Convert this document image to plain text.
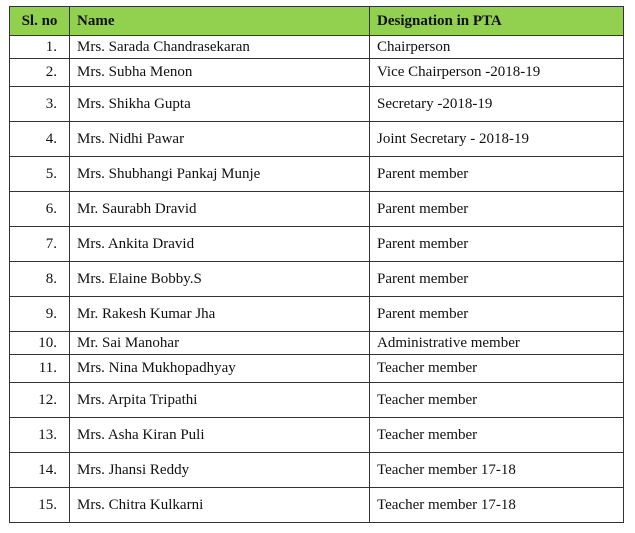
Sl. no	Name	Designation in PTA
1.	Mrs. Sarada Chandrasekaran	Chairperson
2.	Mrs. Subha Menon	Vice Chairperson -2018-19
3.	Mrs. Shikha Gupta	Secretary -2018-19
4.	Mrs. Nidhi Pawar	Joint Secretary - 2018-19
5.	Mrs. Shubhangi Pankaj Munje	Parent member
6.	Mr. Saurabh Dravid	Parent member
7.	Mrs. Ankita Dravid	Parent member
8.	Mrs. Elaine Bobby.S	Parent member
9.	Mr. Rakesh Kumar Jha	Parent member
10.	Mr. Sai Manohar	Administrative member
11.	Mrs. Nina Mukhopadhyay	Teacher member
12.	Mrs. Arpita Tripathi	Teacher member
13.	Mrs. Asha Kiran Puli	Teacher member
14.	Mrs. Jhansi Reddy	Teacher member 17-18
15.	Mrs. Chitra Kulkarni	Teacher member 17-18
